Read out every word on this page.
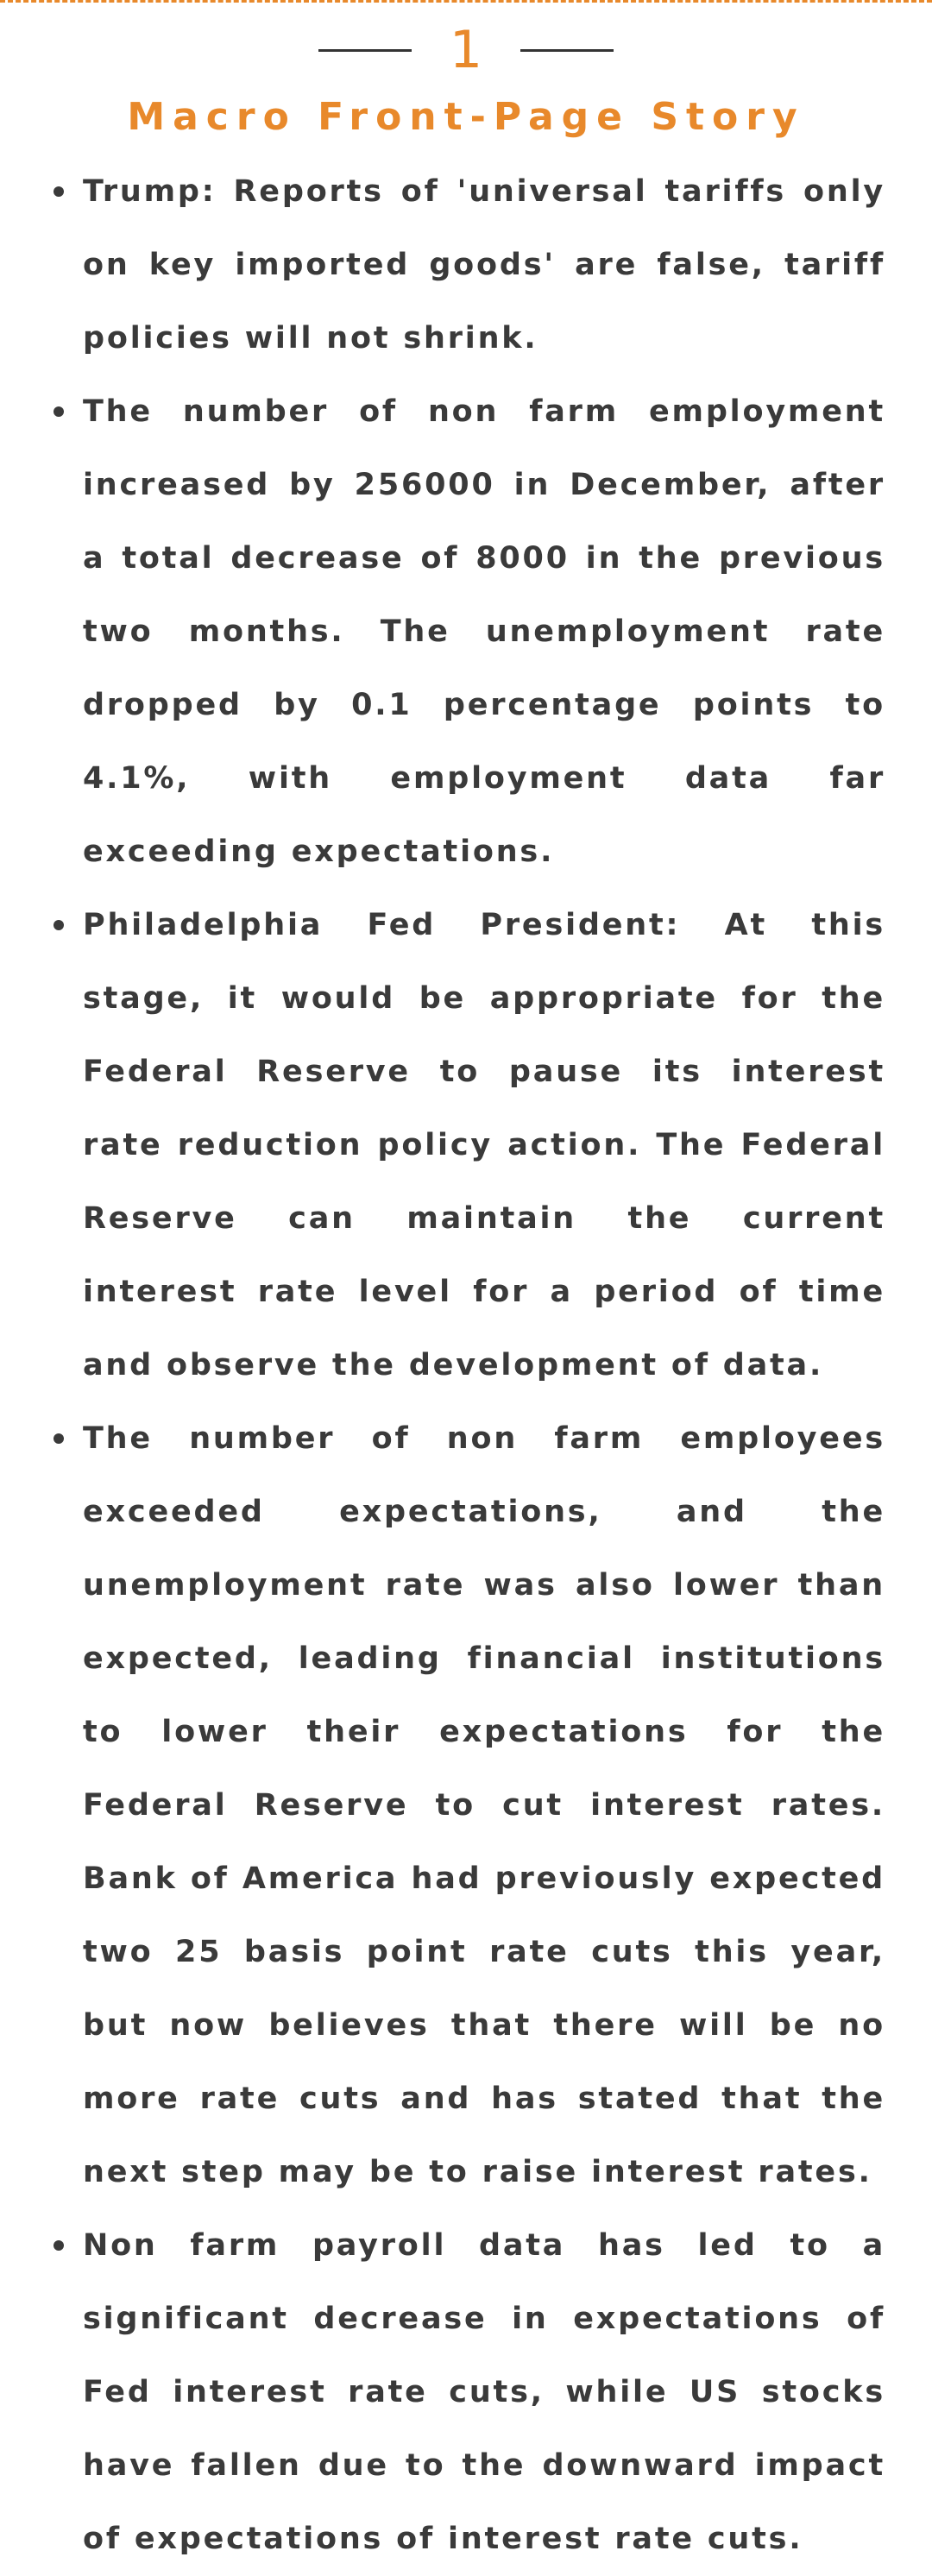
1
Macro Front-Page Story
Trump: Reports of 'universal tariffs only on key imported goods' are false, tariff policies will not shrink.
The number of non farm employment increased by 256000 in December, after a total decrease of 8000 in the previous two months. The unemployment rate dropped by 0.1 percentage points to 4.1%, with employment data far exceeding expectations.
Philadelphia Fed President: At this stage, it would be appropriate for the Federal Reserve to pause its interest rate reduction policy action. The Federal Reserve can maintain the current interest rate level for a period of time and observe the development of data.
The number of non farm employees exceeded expectations, and the unemployment rate was also lower than expected, leading financial institutions to lower their expectations for the Federal Reserve to cut interest rates. Bank of America had previously expected two 25 basis point rate cuts this year, but now believes that there will be no more rate cuts and has stated that the next step may be to raise interest rates.
Non farm payroll data has led to a significant decrease in expectations of Fed interest rate cuts, while US stocks have fallen due to the downward impact of expectations of interest rate cuts.
